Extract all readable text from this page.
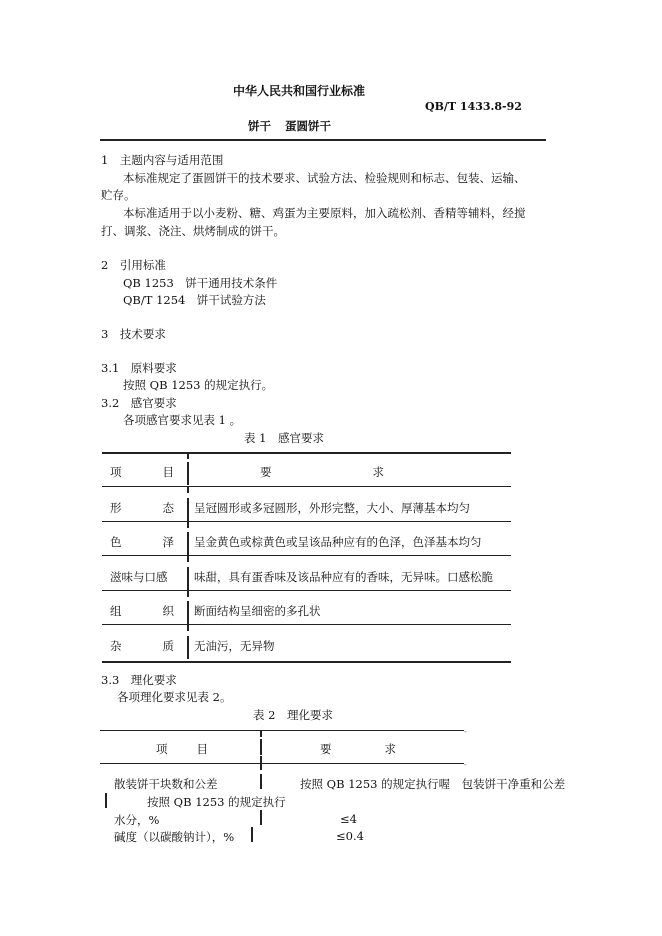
中华人民共和国行业标准
QB/T 1433.8-92
饼干 蛋圆饼干
1　主题内容与适用范围
本标准规定了蛋圆饼干的技术要求、试验方法、检验规则和标志、包装、运输、
贮存。
本标准适用于以小麦粉、糖、鸡蛋为主要原料，加入疏松剂、香精等辅料，经搅
打、调浆、浇注、烘烤制成的饼干。
2　引用标准
QB 1253　饼干通用技术条件
QB/T 1254　饼干试验方法
3　技术要求
3.1　原料要求
按照 QB 1253 的规定执行。
3.2　感官要求
各项感官要求见表 1 。
表 1　感官要求
项	目	要	求
形	态 呈冠圆形或多冠圆形，外形完整，大小、厚薄基本均匀
色	泽 呈金黄色或棕黄色或呈该品种应有的色泽，色泽基本均匀
滋味与口感 味甜，具有蛋香味及该品种应有的香味，无异味。口感松脆
组	织 断面结构呈细密的多孔状
杂	质 无油污，无异物
3.3　理化要求
各项理化要求见表 2。
表 2　理化要求
-
项	目	要	求
-
散装饼干块数和公差	按照 QB 1253 的规定执行喔　包装饼干净重和公差
按照 QB 1253 的规定执行
水分，%	≤4
碱度（以碳酸钠计），%	≤0.4
